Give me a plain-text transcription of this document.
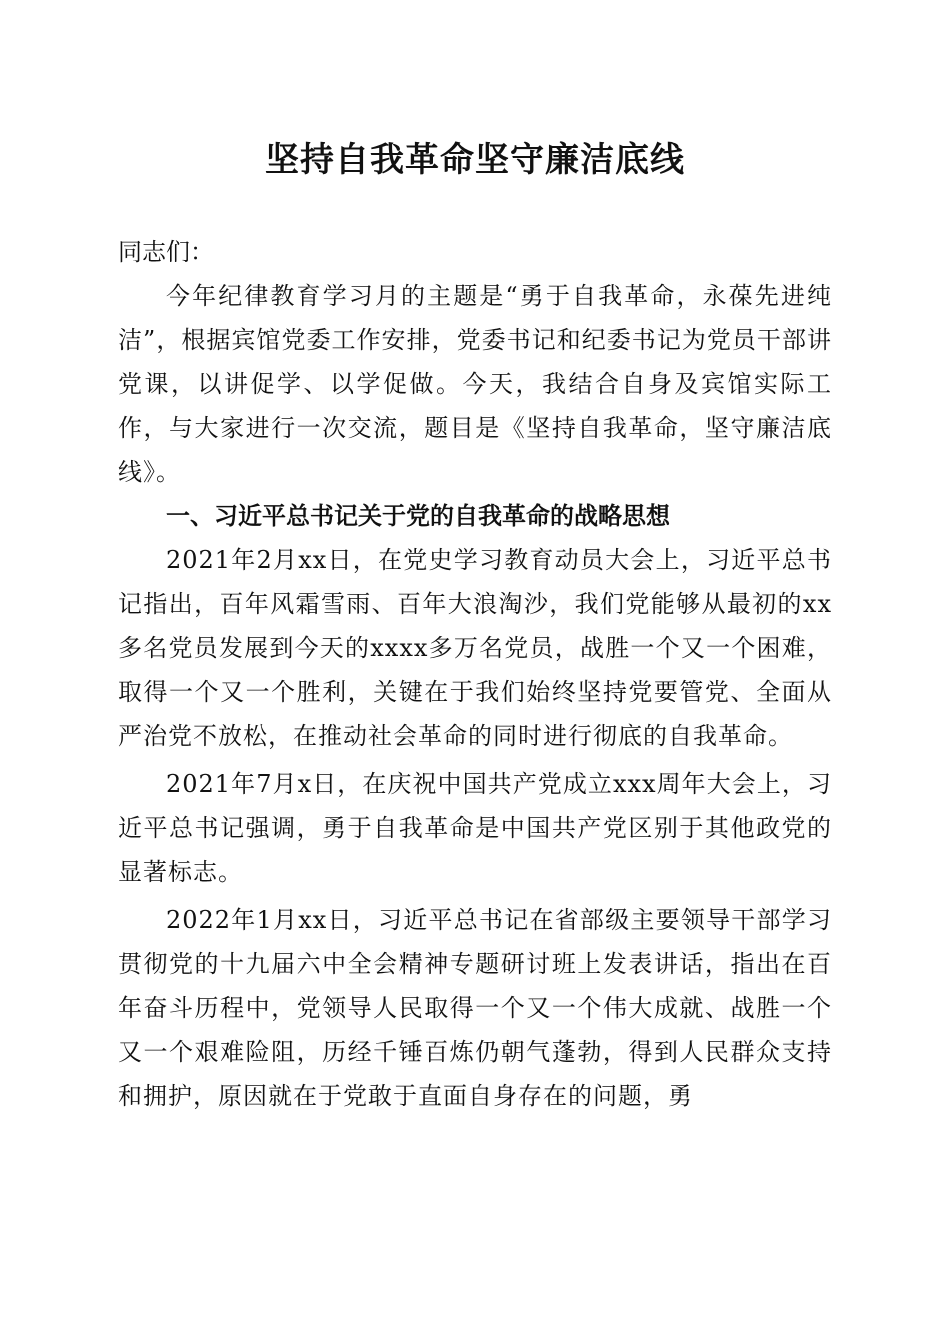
坚持自我革命坚守廉洁底线

同志们：

今年纪律教育学习月的主题是“勇于自我革命，永葆先进纯洁”，根据宾馆党委工作安排，党委书记和纪委书记为党员干部讲党课，以讲促学、以学促做。今天，我结合自身及宾馆实际工作，与大家进行一次交流，题目是《坚持自我革命，坚守廉洁底线》。

一、习近平总书记关于党的自我革命的战略思想

2021年2月xx日，在党史学习教育动员大会上，习近平总书记指出，百年风霜雪雨、百年大浪淘沙，我们党能够从最初的xx多名党员发展到今天的xxxx多万名党员，战胜一个又一个困难，取得一个又一个胜利，关键在于我们始终坚持党要管党、全面从严治党不放松，在推动社会革命的同时进行彻底的自我革命。

2021年7月x日，在庆祝中国共产党成立xxx周年大会上，习近平总书记强调，勇于自我革命是中国共产党区别于其他政党的显著标志。

2022年1月xx日，习近平总书记在省部级主要领导干部学习贯彻党的十九届六中全会精神专题研讨班上发表讲话，指出在百年奋斗历程中，党领导人民取得一个又一个伟大成就、战胜一个又一个艰难险阻，历经千锤百炼仍朝气蓬勃，得到人民群众支持和拥护，原因就在于党敢于直面自身存在的问题，勇
